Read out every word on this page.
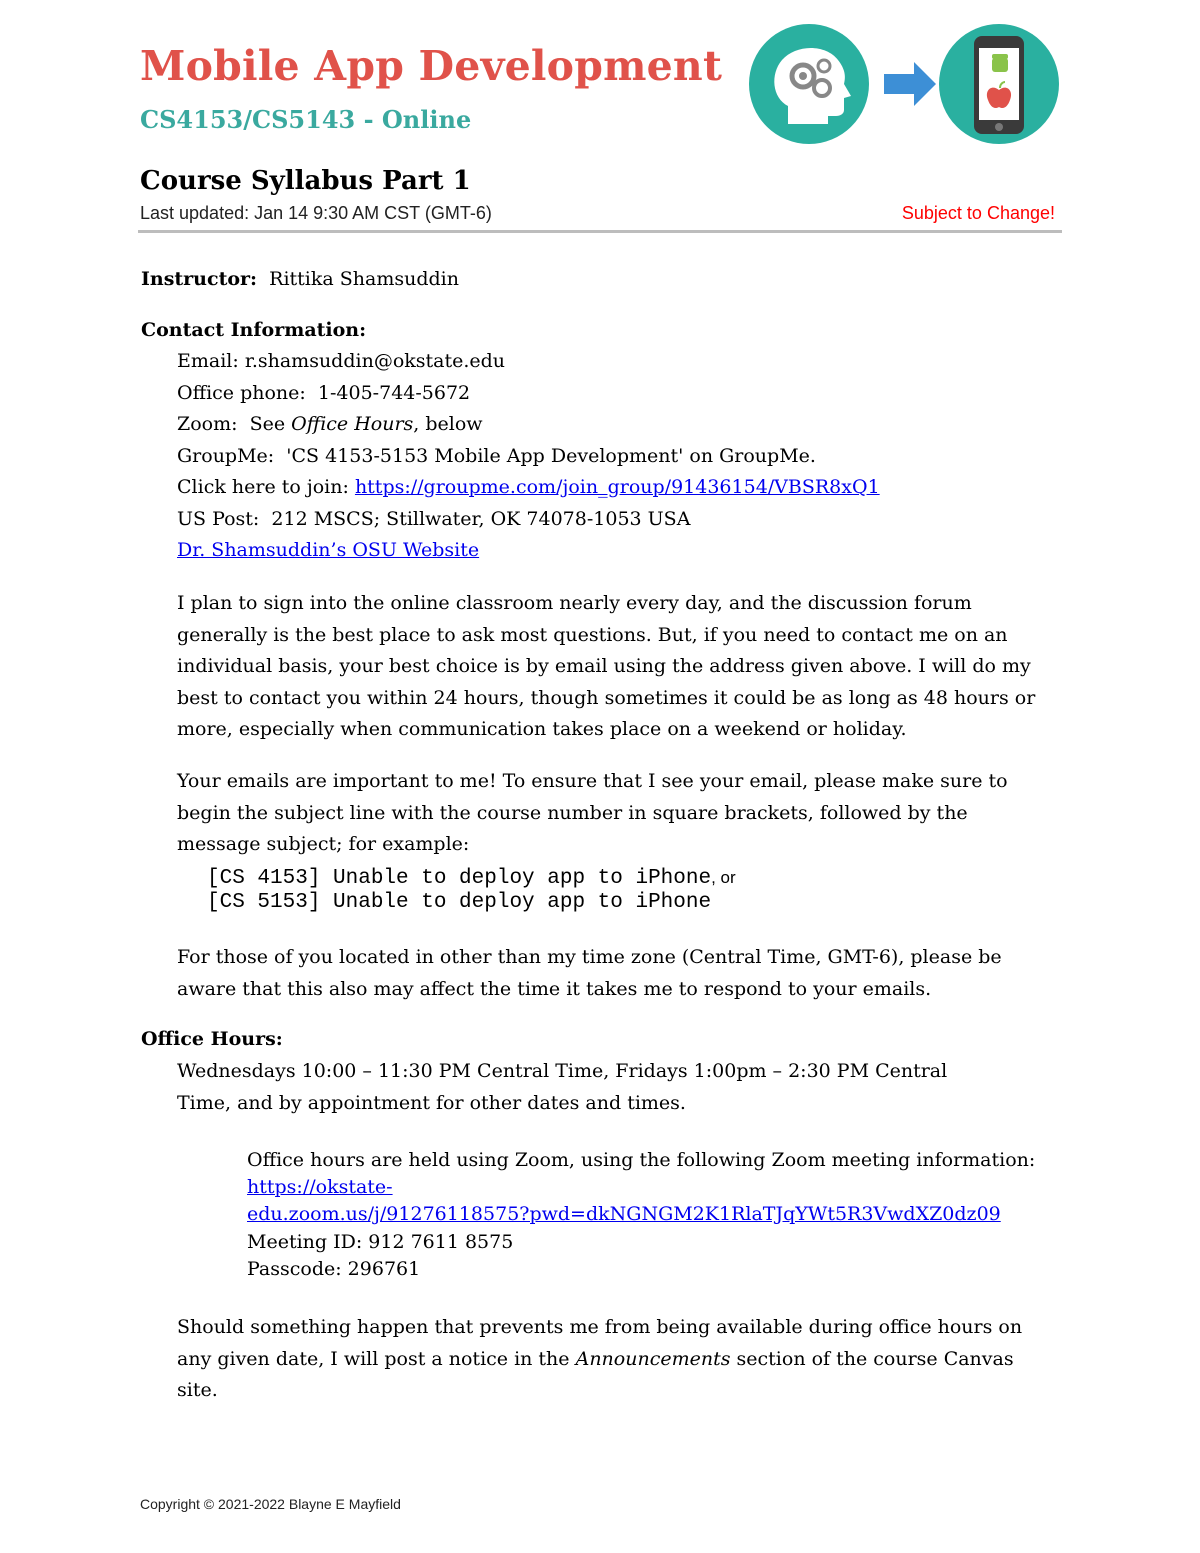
Mobile App Development
CS4153/CS5143 - Online
Course Syllabus Part 1
Last updated: Jan 14 9:30 AM CST (GMT-6)	Subject to Change!
Instructor: Rittika Shamsuddin
Contact Information:
Email: r.shamsuddin@okstate.edu
Office phone: 1-405-744-5672
Zoom: See Office Hours, below
GroupMe: 'CS 4153-5153 Mobile App Development' on GroupMe.
Click here to join: https://groupme.com/join_group/91436154/VBSR8xQ1
US Post: 212 MSCS; Stillwater, OK 74078-1053 USA
Dr. Shamsuddin’s OSU Website
I plan to sign into the online classroom nearly every day, and the discussion forum generally is the best place to ask most questions. But, if you need to contact me on an individual basis, your best choice is by email using the address given above. I will do my best to contact you within 24 hours, though sometimes it could be as long as 48 hours or more, especially when communication takes place on a weekend or holiday.
Your emails are important to me! To ensure that I see your email, please make sure to begin the subject line with the course number in square brackets, followed by the message subject; for example:
[CS 4153] Unable to deploy app to iPhone, or
[CS 5153] Unable to deploy app to iPhone
For those of you located in other than my time zone (Central Time, GMT-6), please be aware that this also may affect the time it takes me to respond to your emails.
Office Hours:
Wednesdays 10:00 – 11:30 PM Central Time, Fridays 1:00pm – 2:30 PM Central Time, and by appointment for other dates and times.
Office hours are held using Zoom, using the following Zoom meeting information:
https://okstate-
edu.zoom.us/j/91276118575?pwd=dkNGNGM2K1RlaTJqYWt5R3VwdXZ0dz09
Meeting ID: 912 7611 8575
Passcode: 296761
Should something happen that prevents me from being available during office hours on any given date, I will post a notice in the Announcements section of the course Canvas site.
Copyright © 2021-2022 Blayne E Mayfield
